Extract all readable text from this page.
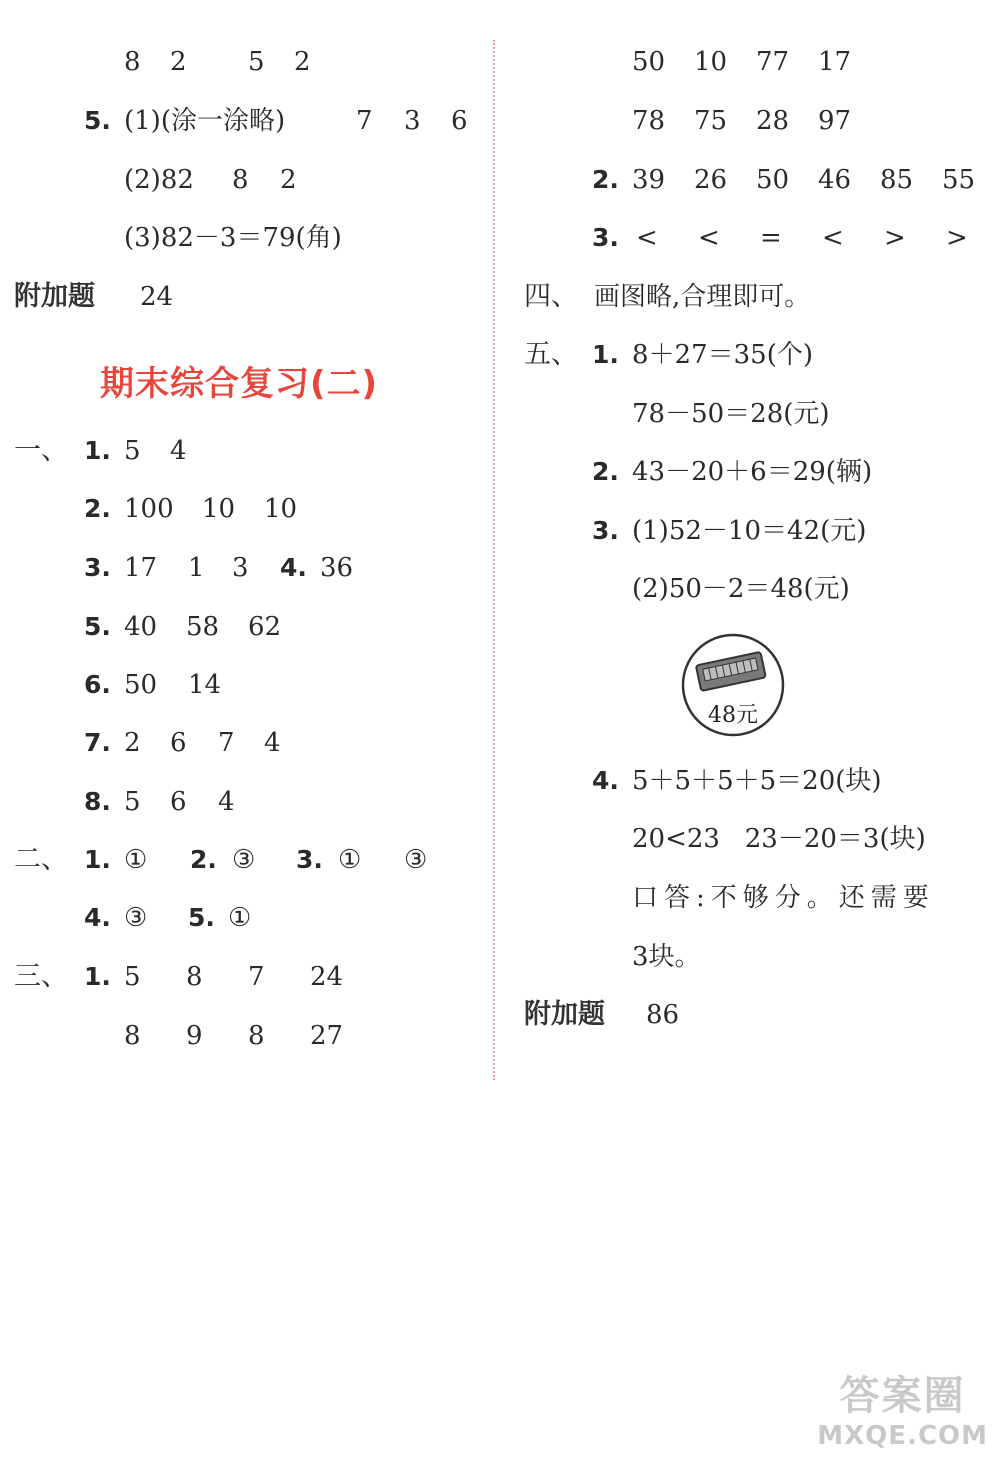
8 2 5 2
5. (1)(涂一涂略)	7 3 6
(2)82 8 2
(3)82－3＝79(角)
附加题 24
期末综合复习(二)
一、 1. 5 4
2. 100 10 10
3. 17 1 3 4. 36
5. 40 58 62
6. 50 14
7. 2 6 7 4
8. 5 6 4
二、 1. ① 2. ③ 3. ① ③
4. ③ 5. ①
三、 1. 5 8 7 24
8 9 8 27
50 10 77 17
78 75 28 97
2. 39 26 50 46 85 55
3. < < = < > >
四、 画图略,合理即可。
五、 1. 8＋27＝35(个)
78－50＝28(元)
2. 43－20＋6＝29(辆)
3. (1)52－10＝42(元)
(2)50－2＝48(元)
48元
4. 5＋5＋5＋5＝20(块)
20<23   23－20＝3(块)
口答:不够分。还需要
3块。
附加题 86
答案圈
MXQE.COM
